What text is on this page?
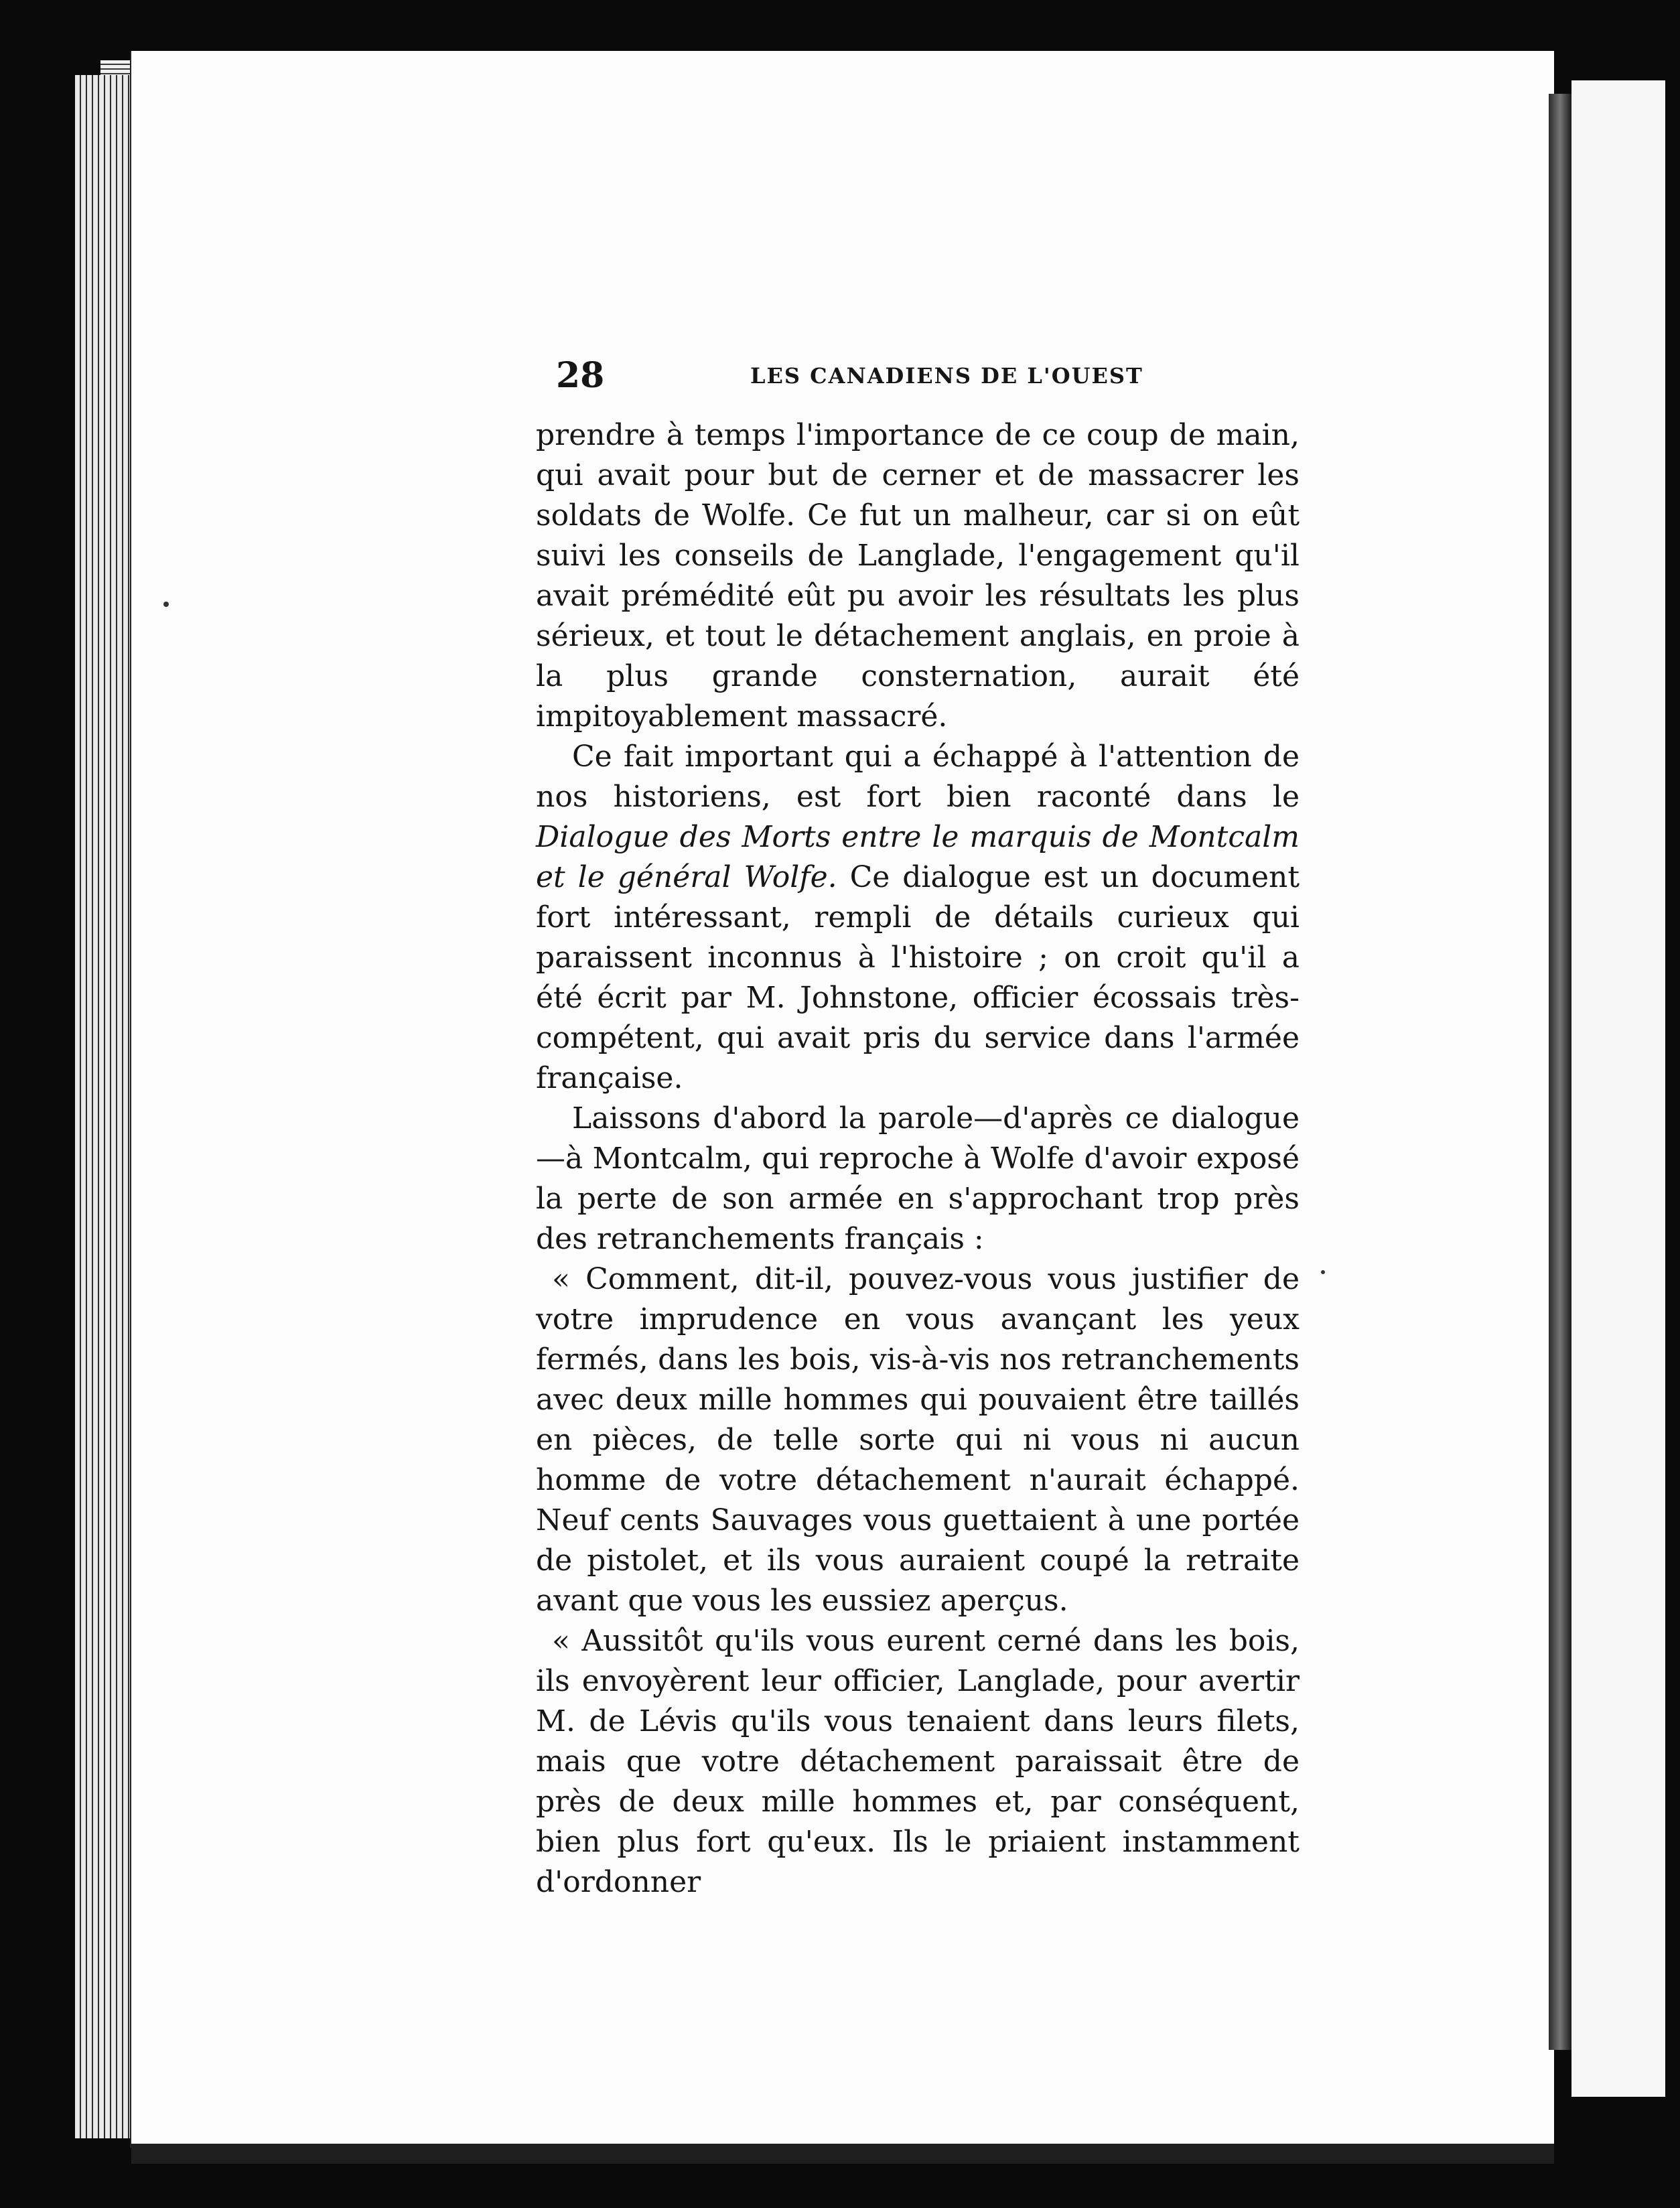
28	LES CANADIENS DE L'OUEST

prendre à temps l'importance de ce coup de main, qui avait pour but de cerner et de massacrer les soldats de Wolfe. Ce fut un malheur, car si on eût suivi les conseils de Langlade, l'engagement qu'il avait prémédité eût pu avoir les résultats les plus sérieux, et tout le détachement anglais, en proie à la plus grande consternation, aurait été impitoyablement massacré.

Ce fait important qui a échappé à l'attention de nos historiens, est fort bien raconté dans le Dialogue des Morts entre le marquis de Montcalm et le général Wolfe. Ce dialogue est un document fort intéressant, rempli de détails curieux qui paraissent inconnus à l'histoire ; on croit qu'il a été écrit par M. Johnstone, officier écossais très-compétent, qui avait pris du service dans l'armée française.

Laissons d'abord la parole—d'après ce dialogue—à Montcalm, qui reproche à Wolfe d'avoir exposé la perte de son armée en s'approchant trop près des retranchements français :

« Comment, dit-il, pouvez-vous vous justifier de votre imprudence en vous avançant les yeux fermés, dans les bois, vis-à-vis nos retranchements avec deux mille hommes qui pouvaient être taillés en pièces, de telle sorte qui ni vous ni aucun homme de votre détachement n'aurait échappé. Neuf cents Sauvages vous guettaient à une portée de pistolet, et ils vous auraient coupé la retraite avant que vous les eussiez aperçus.

« Aussitôt qu'ils vous eurent cerné dans les bois, ils envoyèrent leur officier, Langlade, pour avertir M. de Lévis qu'ils vous tenaient dans leurs filets, mais que votre détachement paraissait être de près de deux mille hommes et, par conséquent, bien plus fort qu'eux. Ils le priaient instamment d'ordonner
